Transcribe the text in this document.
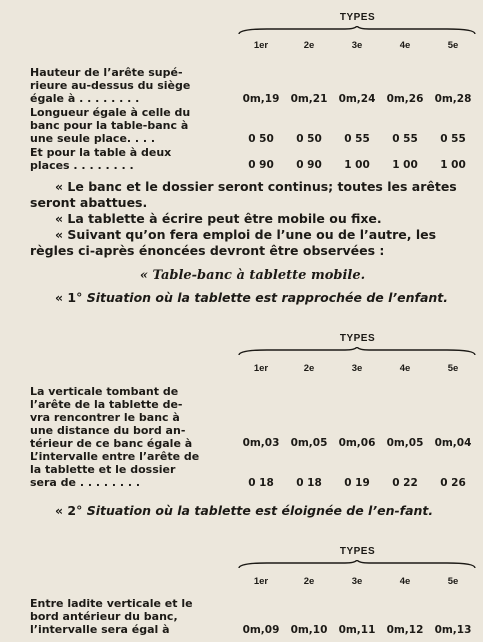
TYPES
1er	2e	3e	4e	5e
Hauteur de l’arête supé-
rieure au-dessus du siège
égale à . . . . . . . .	0m,19	0m,21	0m,24	0m,26	0m,28
Longueur égale à celle du
banc pour la table-banc à
une seule place. . . .	0 50	0 50	0 55	0 55	0 55
Et pour la table à deux
places . . . . . . . .	0 90	0 90	1 00	1 00	1 00
« Le banc et le dossier seront continus; toutes les arêtes seront abattues.
« La tablette à écrire peut être mobile ou fixe.
« Suivant qu’on fera emploi de l’une ou de l’autre, les règles ci-après énoncées devront être observées :
« Table-banc à tablette mobile.
« 1° Situation où la tablette est rapprochée de l’enfant.
TYPES
1er	2e	3e	4e	5e
La verticale tombant de
l’arête de la tablette de-
vra rencontrer le banc à
une distance du bord an-
térieur de ce banc égale à	0m,03	0m,05	0m,06	0m,05	0m,04
L’intervalle entre l’arête de
la tablette et le dossier
sera de . . . . . . . .	0 18	0 18	0 19	0 22	0 26
« 2° Situation où la tablette est éloignée de l’en-fant.
TYPES
1er	2e	3e	4e	5e
Entre ladite verticale et le
bord antérieur du banc,
l’intervalle sera égal à	0m,09	0m,10	0m,11	0m,12	0m,13
